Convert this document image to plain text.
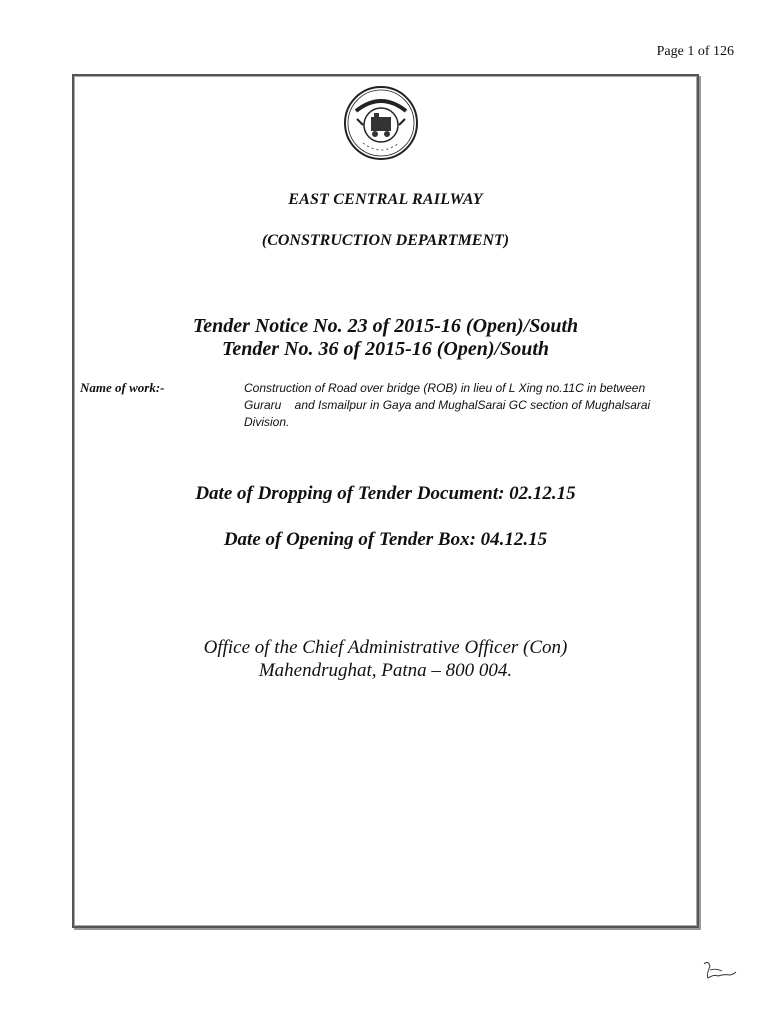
Page 1 of 126
EAST CENTRAL RAILWAY
(CONSTRUCTION DEPARTMENT)
Tender Notice No. 23 of 2015-16 (Open)/South
Tender No. 36 of 2015-16 (Open)/South
Name of work:-	Construction of Road over bridge (ROB) in lieu of L Xing no.11C in between
Guraru    and Ismailpur in Gaya and MughalSarai GC section of Mughalsarai
Division.
Date of Dropping of Tender Document: 02.12.15
Date of Opening of Tender Box: 04.12.15
Office of the Chief Administrative Officer (Con)
Mahendrughat, Patna – 800 004.
